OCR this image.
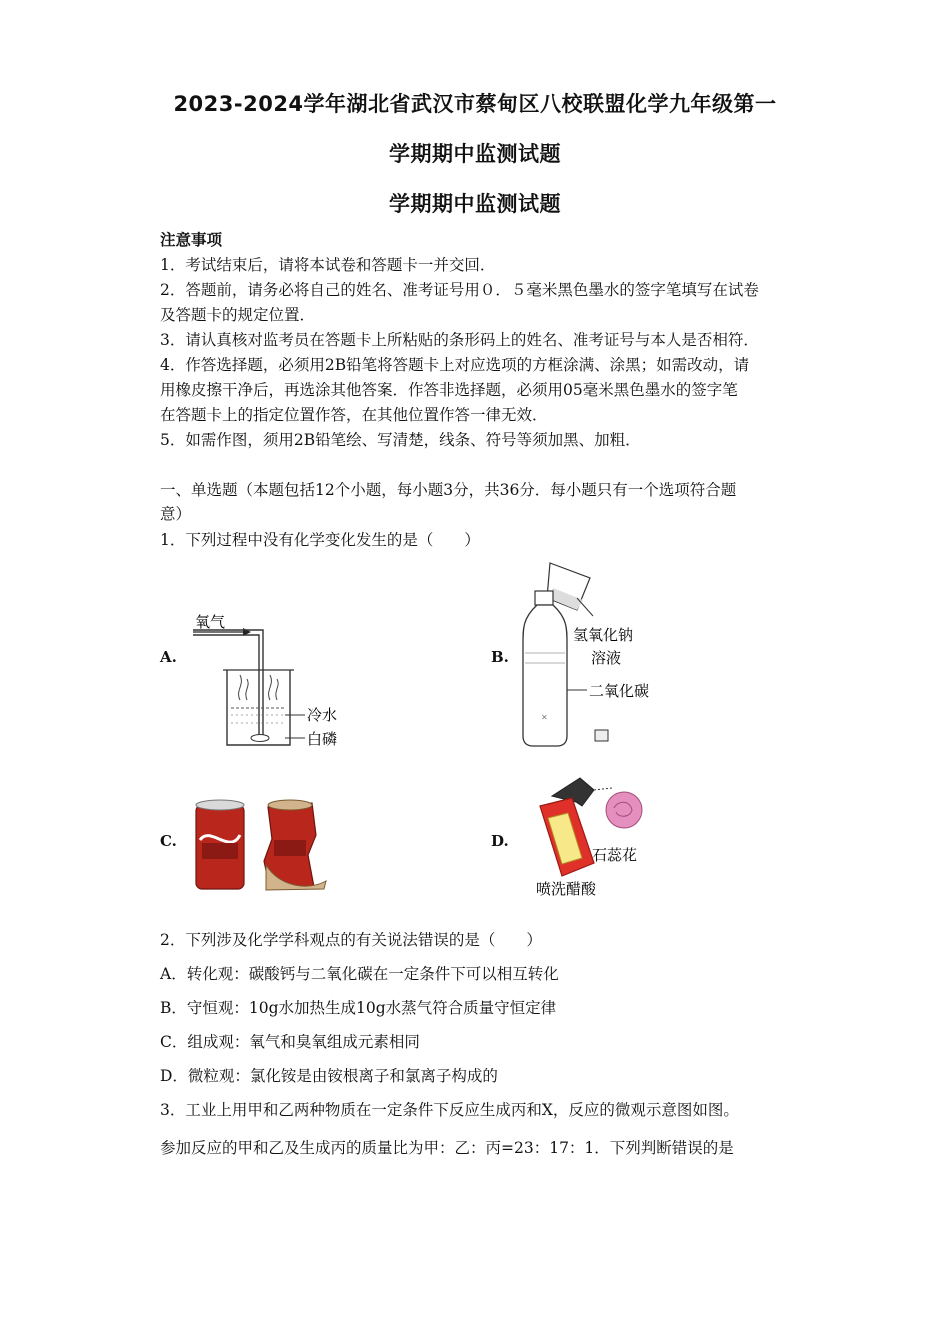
2023-2024学年湖北省武汉市蔡甸区八校联盟化学九年级第一
学期期中监测试题
学期期中监测试题
注意事项
1．考试结束后，请将本试卷和答题卡一并交回．
2．答题前，请务必将自己的姓名、准考证号用０．５毫米黑色墨水的签字笔填写在试卷
及答题卡的规定位置．
3．请认真核对监考员在答题卡上所粘贴的条形码上的姓名、准考证号与本人是否相符．
4．作答选择题，必须用2B铅笔将答题卡上对应选项的方框涂满、涂黑；如需改动，请
用橡皮擦干净后，再选涂其他答案．作答非选择题，必须用05毫米黑色墨水的签字笔
在答题卡上的指定位置作答，在其他位置作答一律无效．
5．如需作图，须用2B铅笔绘、写清楚，线条、符号等须加黑、加粗．
一、单选题（本题包括12个小题，每小题3分，共36分．每小题只有一个选项符合题
意）
1．下列过程中没有化学变化发生的是（　　）
A.	B.
C.	D.
氧气
冷水
白磷
✕
氢氧化钠
溶液
二氧化碳
石蕊花
喷洗醋酸
2．下列涉及化学学科观点的有关说法错误的是（　　）
A．转化观：碳酸钙与二氧化碳在一定条件下可以相互转化
B．守恒观：10g水加热生成10g水蒸气符合质量守恒定律
C．组成观：氧气和臭氧组成元素相同
D．微粒观：氯化铵是由铵根离子和氯离子构成的
3．工业上用甲和乙两种物质在一定条件下反应生成丙和X，反应的微观示意图如图。
参加反应的甲和乙及生成丙的质量比为甲：乙：丙=23：17：1．下列判断错误的是
